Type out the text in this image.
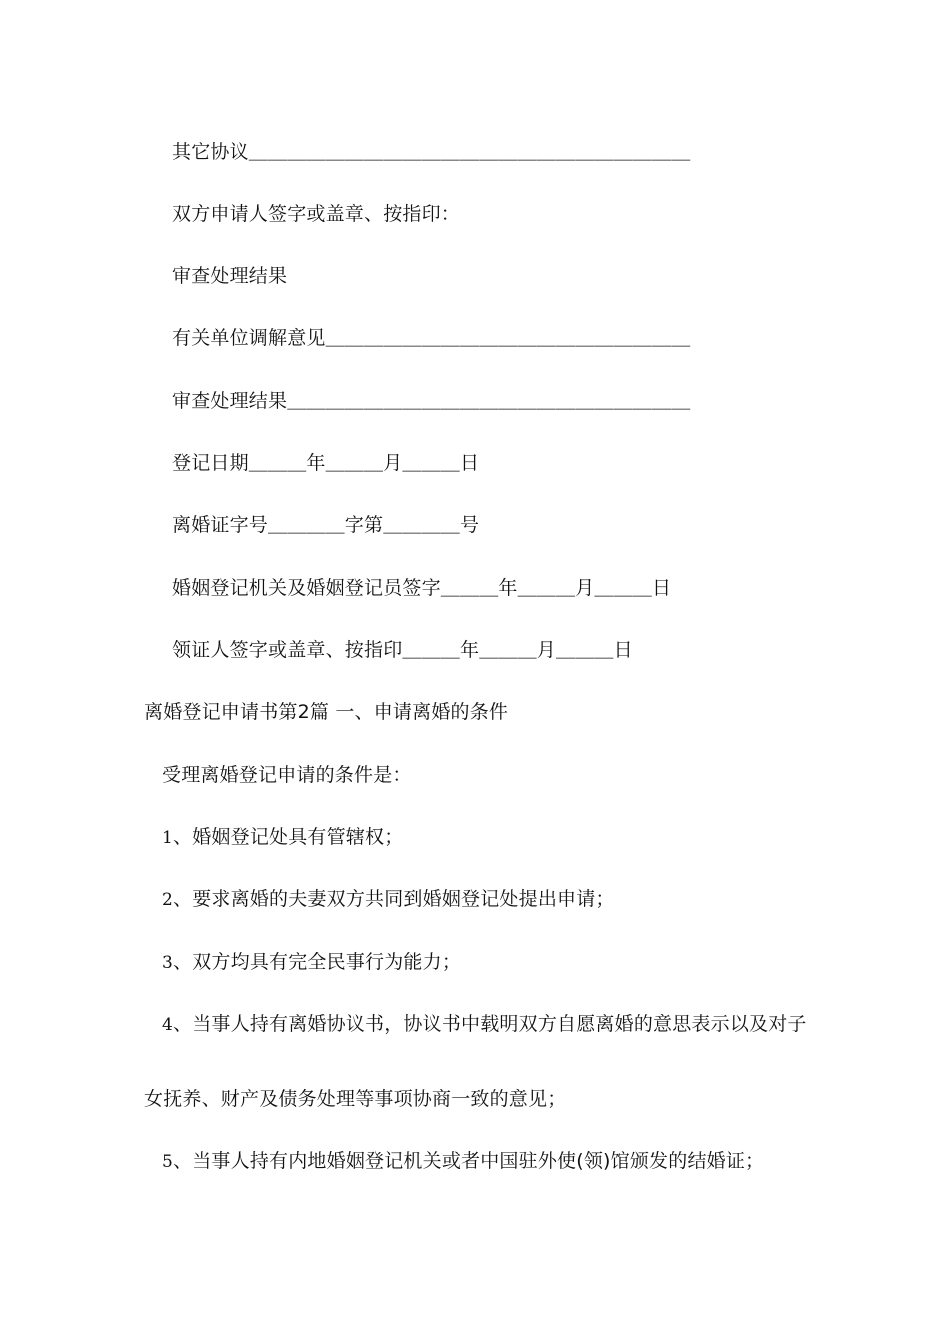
其它协议＿＿＿＿＿＿＿＿＿＿＿＿＿＿＿＿＿＿＿＿＿＿＿
双方申请人签字或盖章、按指印：
审查处理结果
有关单位调解意见＿＿＿＿＿＿＿＿＿＿＿＿＿＿＿＿＿＿＿
审查处理结果＿＿＿＿＿＿＿＿＿＿＿＿＿＿＿＿＿＿＿＿＿
登记日期＿＿＿年＿＿＿月＿＿＿日
离婚证字号＿＿＿＿字第＿＿＿＿号
婚姻登记机关及婚姻登记员签字＿＿＿年＿＿＿月＿＿＿日
领证人签字或盖章、按指印＿＿＿年＿＿＿月＿＿＿日
离婚登记申请书第2篇 一、申请离婚的条件
受理离婚登记申请的条件是：
1、婚姻登记处具有管辖权；
2、要求离婚的夫妻双方共同到婚姻登记处提出申请；
3、双方均具有完全民事行为能力；
4、当事人持有离婚协议书，协议书中载明双方自愿离婚的意思表示以及对子
女抚养、财产及债务处理等事项协商一致的意见；
5、当事人持有内地婚姻登记机关或者中国驻外使(领)馆颁发的结婚证；
